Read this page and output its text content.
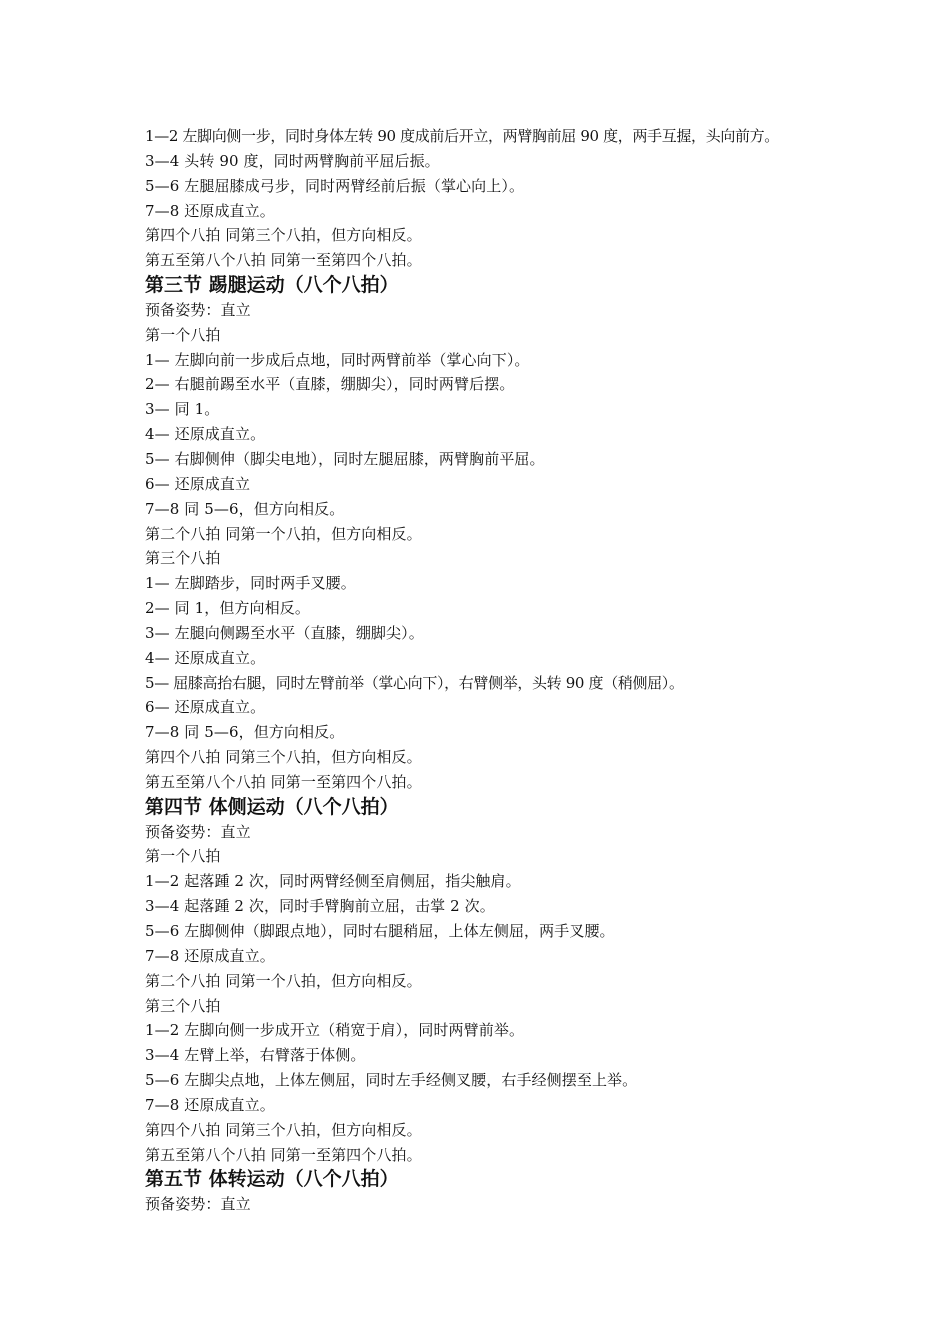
1—2 左脚向侧一步，同时身体左转 90 度成前后开立，两臂胸前屈 90 度，两手互握，头向前方。
3—4 头转 90 度，同时两臂胸前平屈后振。
5—6 左腿屈膝成弓步，同时两臂经前后振（掌心向上）。
7—8 还原成直立。
第四个八拍 同第三个八拍，但方向相反。
第五至第八个八拍 同第一至第四个八拍。
第三节 踢腿运动（八个八拍）
预备姿势：直立
第一个八拍
1— 左脚向前一步成后点地，同时两臂前举（掌心向下）。
2— 右腿前踢至水平（直膝，绷脚尖），同时两臂后摆。
3— 同 1。
4— 还原成直立。
5— 右脚侧伸（脚尖电地），同时左腿屈膝，两臂胸前平屈。
6— 还原成直立
7—8 同 5—6，但方向相反。
第二个八拍 同第一个八拍，但方向相反。
第三个八拍
1— 左脚踏步，同时两手叉腰。
2— 同 1，但方向相反。
3— 左腿向侧踢至水平（直膝，绷脚尖）。
4— 还原成直立。
5— 屈膝高抬右腿，同时左臂前举（掌心向下），右臂侧举，头转 90 度（稍侧屈）。
6— 还原成直立。
7—8 同 5—6，但方向相反。
第四个八拍 同第三个八拍，但方向相反。
第五至第八个八拍 同第一至第四个八拍。
第四节 体侧运动（八个八拍）
预备姿势：直立
第一个八拍
1—2 起落踵 2 次，同时两臂经侧至肩侧屈，指尖触肩。
3—4 起落踵 2 次，同时手臂胸前立屈，击掌 2 次。
5—6 左脚侧伸（脚跟点地），同时右腿稍屈，上体左侧屈，两手叉腰。
7—8 还原成直立。
第二个八拍 同第一个八拍，但方向相反。
第三个八拍
1—2 左脚向侧一步成开立（稍宽于肩），同时两臂前举。
3—4 左臂上举，右臂落于体侧。
5—6 左脚尖点地，上体左侧屈，同时左手经侧叉腰，右手经侧摆至上举。
7—8 还原成直立。
第四个八拍 同第三个八拍，但方向相反。
第五至第八个八拍 同第一至第四个八拍。
第五节 体转运动（八个八拍）
预备姿势：直立
